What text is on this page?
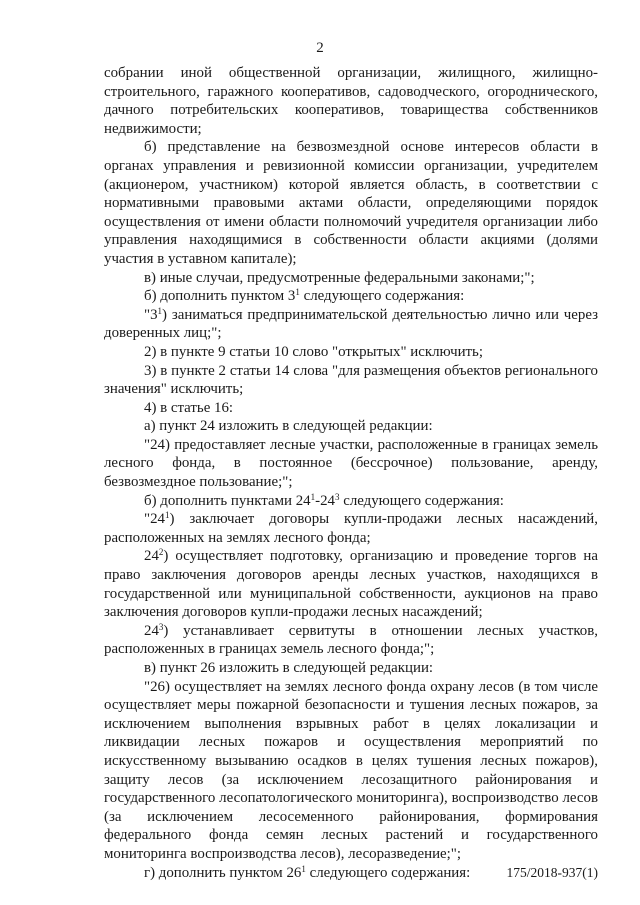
2

собрании иной общественной организации, жилищного, жилищно-строительного, гаражного кооперативов, садоводческого, огороднического, дачного потребительских кооперативов, товарищества собственников недвижимости;

б) представление на безвозмездной основе интересов области в органах управления и ревизионной комиссии организации, учредителем (акционером, участником) которой является область, в соответствии с нормативными правовыми актами области, определяющими порядок осуществления от имени области полномочий учредителя организации либо управления находящимися в собственности области акциями (долями участия в уставном капитале);

в) иные случаи, предусмотренные федеральными законами;";

б) дополнить пунктом $3^1$ следующего содержания:

"$3^1$) заниматься предпринимательской деятельностью лично или через доверенных лиц;";

2) в пункте 9 статьи 10 слово "открытых" исключить;

3) в пункте 2 статьи 14 слова "для размещения объектов регионального значения" исключить;

4) в статье 16:

а) пункт 24 изложить в следующей редакции:

"24) предоставляет лесные участки, расположенные в границах земель лесного фонда, в постоянное (бессрочное) пользование, аренду, безвозмездное пользование;";

б) дополнить пунктами $24^1-24^3$ следующего содержания:

"$24^1$) заключает договоры купли-продажи лесных насаждений, расположенных на землях лесного фонда;

$24^2$) осуществляет подготовку, организацию и проведение торгов на право заключения договоров аренды лесных участков, находящихся в государственной или муниципальной собственности, аукционов на право заключения договоров купли-продажи лесных насаждений;

$24^3$) устанавливает сервитуты в отношении лесных участков, расположенных в границах земель лесного фонда;";

в) пункт 26 изложить в следующей редакции:

"26) осуществляет на землях лесного фонда охрану лесов (в том числе осуществляет меры пожарной безопасности и тушения лесных пожаров, за исключением выполнения взрывных работ в целях локализации и ликвидации лесных пожаров и осуществления мероприятий по искусственному вызыванию осадков в целях тушения лесных пожаров), защиту лесов (за исключением лесозащитного районирования и государственного лесопатологического мониторинга), воспроизводство лесов (за исключением лесосеменного районирования, формирования федерального фонда семян лесных растений и государственного мониторинга воспроизводства лесов), лесоразведение;";

г) дополнить пунктом $26^1$ следующего содержания:	175/2018-937(1)
